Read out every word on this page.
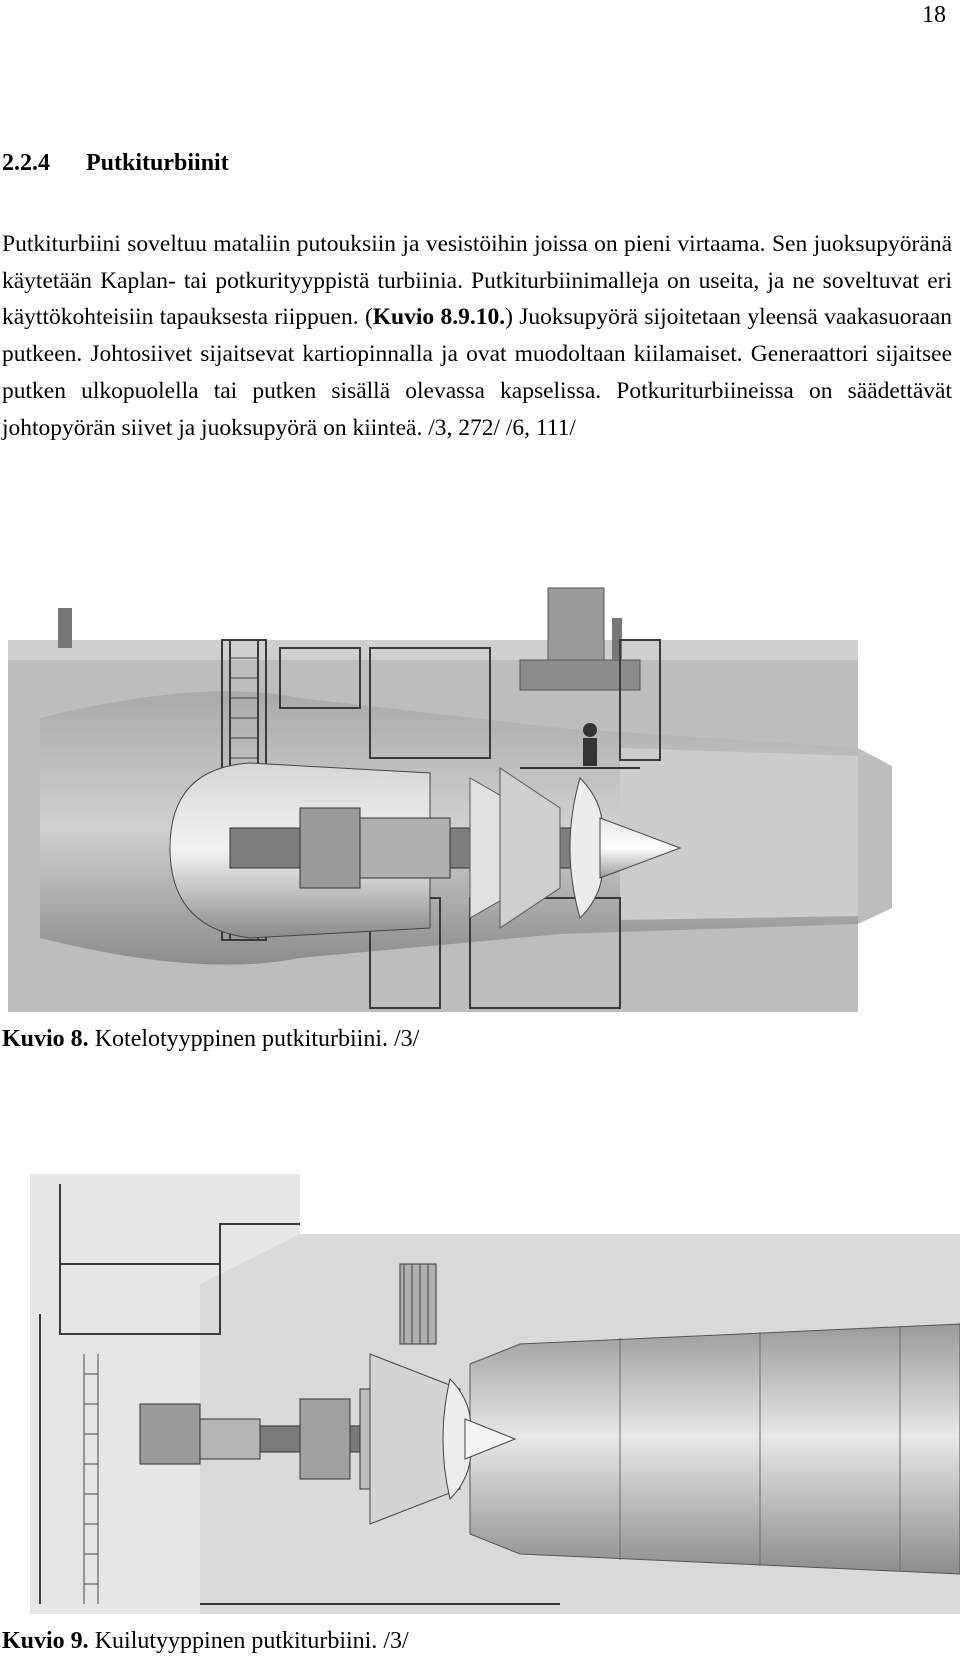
18
2.2.4 Putkiturbiinit
Putkiturbiini soveltuu mataliin putouksiin ja vesistöihin joissa on pieni virtaama. Sen juoksupyöränä käytetään Kaplan- tai potkurityyppistä turbiinia. Putkiturbiinimalleja on useita, ja ne soveltuvat eri käyttökohteisiin tapauksesta riippuen. (Kuvio 8.9.10.) Juoksupyörä sijoitetaan yleensä vaakasuoraan putkeen. Johtosiivet sijaitsevat kartiopinnalla ja ovat muodoltaan kiilamaiset. Generaattori sijaitsee putken ulkopuolella tai putken sisällä olevassa kapselissa. Potkuriturbiineissa on säädettävät johtopyörän siivet ja juoksupyörä on kiinteä. /3, 272/ /6, 111/
Kuvio 8. Kotelotyyppinen putkiturbiini. /3/
Kuvio 9. Kuilutyyppinen putkiturbiini. /3/
